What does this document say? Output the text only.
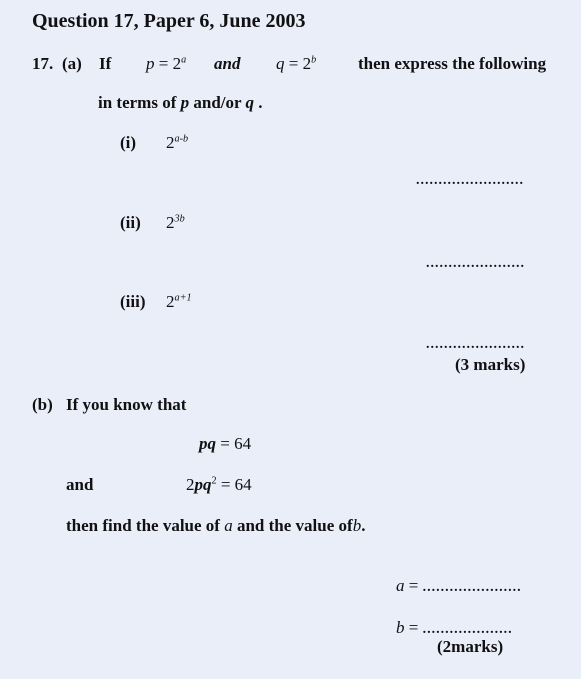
Question 17, Paper 6, June 2003
17. (a) If $p = 2^a$ and $q = 2^b$ then express the following
in terms of p and/or q .
(i) 2$^{a-b}$
........................
(ii) $2^{3b}$
......................
(iii) $2^{a+1}$
......................
(3 marks)
(b) If you know that
pq = 64
and	$2pq^2 = 64$
then find the value of a and the value ofb.
a = ......................
b = ....................
(2marks)
